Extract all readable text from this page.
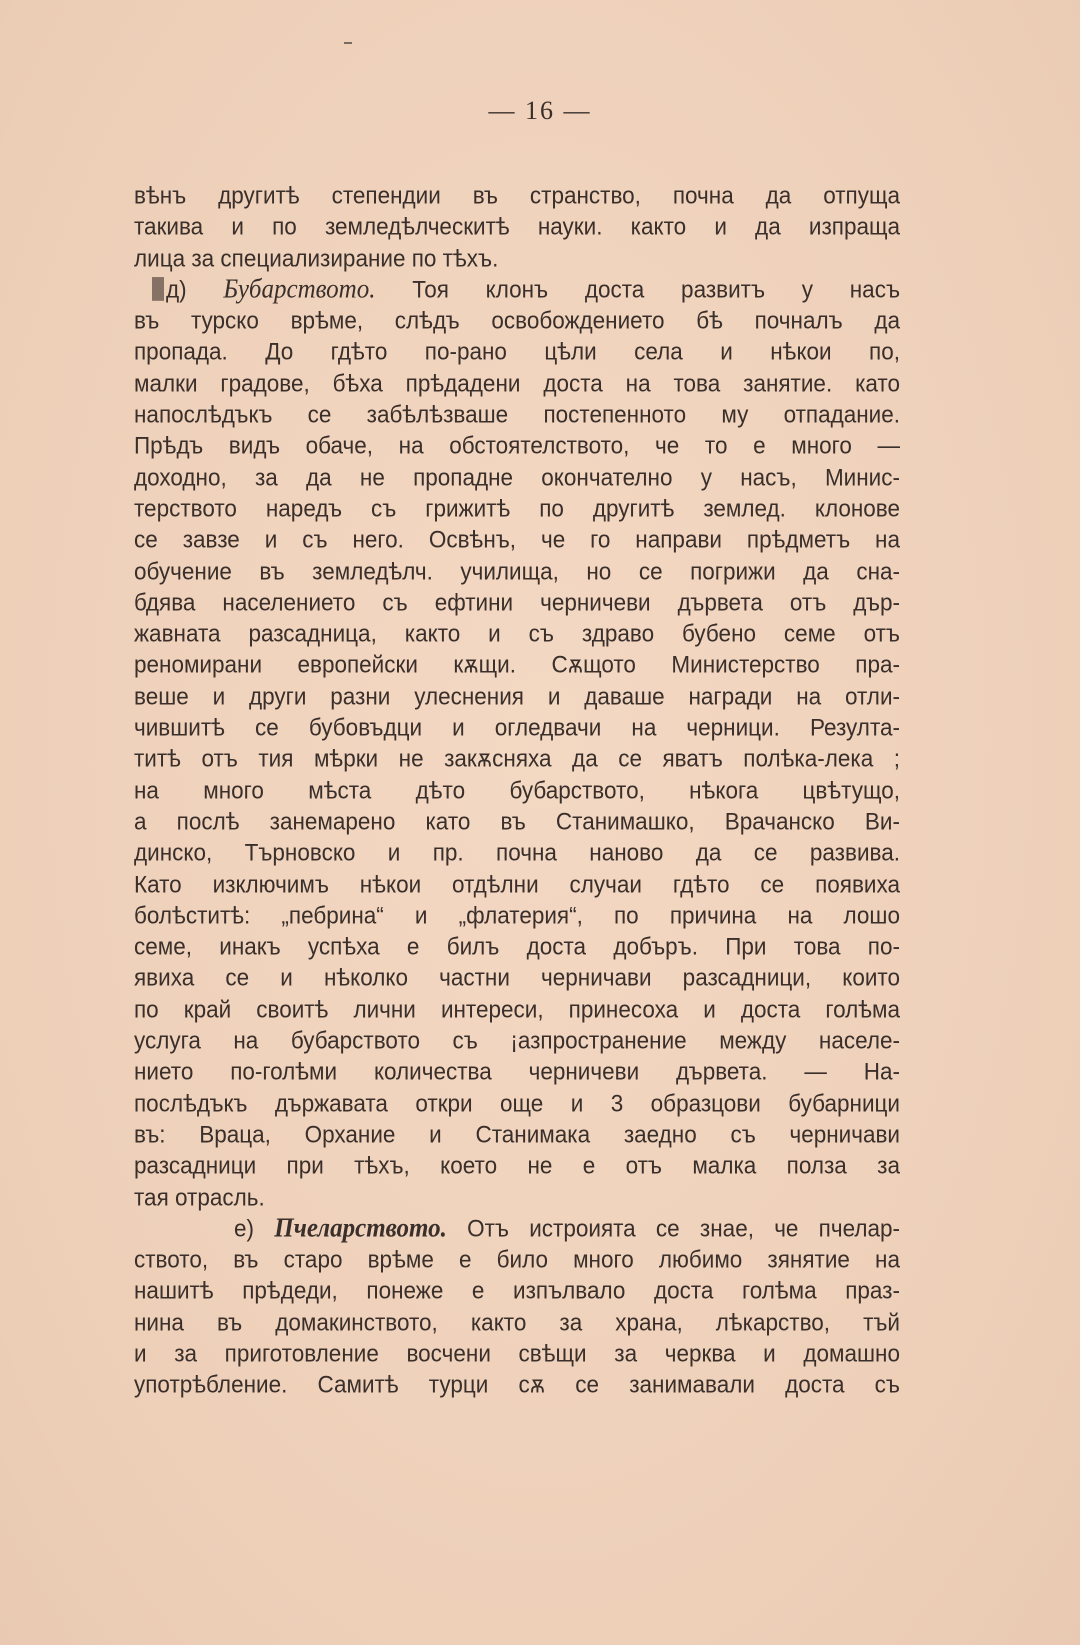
— 16 —
вѣнъ другитѣ степендии въ странство, почна да отпуща
такива и по земледѣлческитѣ науки. както и да изпраща
лица за специализирание по тѣхъ.
д) Бубарството. Тоя клонъ доста развитъ у насъ
въ турско врѣме, слѣдъ освобождението бѣ почналъ да
пропада. До гдѣто по-рано цѣли села и нѣкои по,
малки градове, бѣха прѣдадени доста на това занятие. като
напослѣдъкъ се забѣлѣзваше постепенното му отпадание.
Прѣдъ видъ обаче, на обстоятелството, че то е много —
доходно, за да не пропадне окончателно у насъ, Минис-
терството наредъ съ грижитѣ по другитѣ землед. клонове
се завзе и съ него. Освѣнъ, че го направи прѣдметъ на
обучение въ земледѣлч. училища, но се погрижи да сна-
бдява населението съ ефтини черничеви дървета отъ дър-
жавната разсадница, както и съ здраво бубено семе отъ
реномирани европейски кѫщи. Сѫщото Министерство пра-
веше и други разни улеснения и даваше награди на отли-
чившитѣ се бубовъдци и огледвачи на черници. Резулта-
титѣ отъ тия мѣрки не закѫсняха да се яватъ полѣка-лека ;
на много мѣста дѣто бубарството, нѣкога цвѣтущо,
а послѣ занемарено като въ Станимашко, Врачанско Ви-
динско, Търновско и пр. почна наново да се развива.
Като изключимъ нѣкои отдѣлни случаи гдѣто се появиха
болѣститѣ: „пебрина“ и „флатерия“, по причина на лошо
семе, инакъ успѣха е билъ доста добъръ. При това по-
явиха се и нѣколко частни черничави разсадници, които
по край своитѣ лични интереси, принесоха и доста голѣма
услуга на бубарството съ ¡азпространение между населе-
нието по-голѣми количества черничеви дървета. — На-
послѣдъкъ държавата откри още и 3 образцови бубарници
въ: Врацa, Орхание и Станимака заедно съ черничави
разсадници при тѣхъ, което не е отъ малка полза за
тая отрасль.
е) Пчеларството. Отъ истроията се знае, че пчелар-
ството, въ старо врѣме е било много любимо зянятие на
нашитѣ прѣдеди, понеже е изпълвало доста голѣма праз-
нина въ домакинството, както за храна, лѣкарство, тъй
и за приготовление восчени свѣщи за черква и домашно
употрѣбление. Самитѣ турци сѫ се занимавали доста съ
